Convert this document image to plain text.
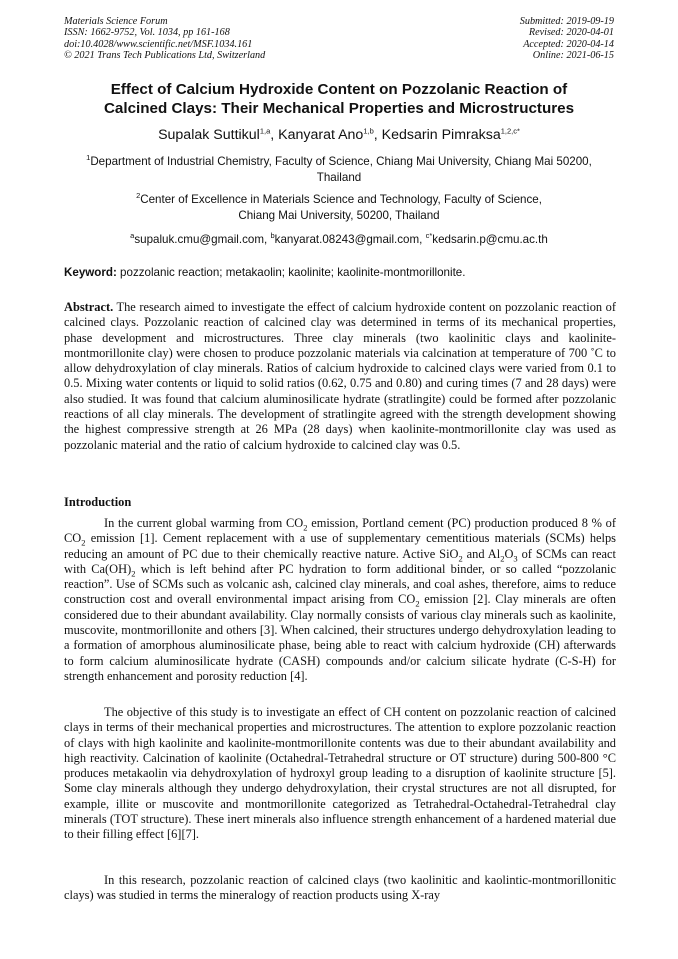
Materials Science Forum
ISSN: 1662-9752, Vol. 1034, pp 161-168
doi:10.4028/www.scientific.net/MSF.1034.161
© 2021 Trans Tech Publications Ltd, Switzerland
Submitted: 2019-09-19
Revised: 2020-04-01
Accepted: 2020-04-14
Online: 2021-06-15
Effect of Calcium Hydroxide Content on Pozzolanic Reaction of
Calcined Clays: Their Mechanical Properties and Microstructures
Supalak Suttikul$^{1,a}$, Kanyarat Ano$^{1,b}$, Kedsarin Pimraksa$^{1,2,c*}$
$^1$Department of Industrial Chemistry, Faculty of Science, Chiang Mai University, Chiang Mai 50200,
Thailand
$^2$Center of Excellence in Materials Science and Technology, Faculty of Science,
Chiang Mai University, 50200, Thailand
$^a$supaluk.cmu@gmail.com, $^b$kanyarat.08243@gmail.com, $^{c*}$kedsarin.p@cmu.ac.th
Keyword: pozzolanic reaction; metakaolin; kaolinite; kaolinite-montmorillonite.
Abstract. The research aimed to investigate the effect of calcium hydroxide content on pozzolanic reaction of calcined clays. Pozzolanic reaction of calcined clay was determined in terms of its mechanical properties, phase development and microstructures. Three clay minerals (two kaolinitic clays and kaolinite-montmorillonite clay) were chosen to produce pozzolanic materials via calcination at temperature of 700 ˚C to allow dehydroxylation of clay minerals. Ratios of calcium hydroxide to calcined clays were varied from 0.1 to 0.5. Mixing water contents or liquid to solid ratios (0.62, 0.75 and 0.80) and curing times (7 and 28 days) were also studied. It was found that calcium aluminosilicate hydrate (stratlingite) could be formed after pozzolanic reactions of all clay minerals. The development of stratlingite agreed with the strength development showing the highest compressive strength at 26 MPa (28 days) when kaolinite-montmorillonite clay was used as pozzolanic material and the ratio of calcium hydroxide to calcined clay was 0.5.
Introduction
In the current global warming from $CO_2$ emission, Portland cement (PC) production produced 8 % of $CO_2$ emission [1]. Cement replacement with a use of supplementary cementitious materials (SCMs) helps reducing an amount of PC due to their chemically reactive nature. Active SiO$_2$ and $Al_2O_3$ of SCMs can react with $Ca(OH)_2$ which is left behind after PC hydration to form additional binder, or so called “pozzolanic reaction”. Use of SCMs such as volcanic ash, calcined clay minerals, and coal ashes, therefore, aims to reduce construction cost and overall environmental impact arising from $CO_2$ emission [2]. Clay minerals are often considered due to their abundant availability. Clay normally consists of various clay minerals such as kaolinite, muscovite, montmorillonite and others [3]. When calcined, their structures undergo dehydroxylation leading to a formation of amorphous aluminosilicate phase, being able to react with calcium hydroxide (CH) afterwards to form calcium aluminosilicate hydrate (CASH) compounds and/or calcium silicate hydrate (C-S-H) for strength enhancement and porosity reduction [4].
The objective of this study is to investigate an effect of CH content on pozzolanic reaction of calcined clays in terms of their mechanical properties and microstructures. The attention to explore pozzolanic reaction of clays with high kaolinite and kaolinite-montmorillonite contents was due to their abundant availability and high reactivity. Calcination of kaolinite (Octahedral-Tetrahedral structure or OT structure) during 500-800 °C produces metakaolin via dehydroxylation of hydroxyl group leading to a disruption of kaolinite structure [5]. Some clay minerals although they undergo dehydroxylation, their crystal structures are not all disrupted, for example, illite or muscovite and montmorillonite categorized as Tetrahedral-Octahedral-Tetrahedral clay minerals (TOT structure). These inert minerals also influence strength enhancement of a hardened material due to their filling effect [6][7].
In this research, pozzolanic reaction of calcined clays (two kaolinitic and kaolintic-montmorillonitic clays) was studied in terms the mineralogy of reaction products using X-ray
